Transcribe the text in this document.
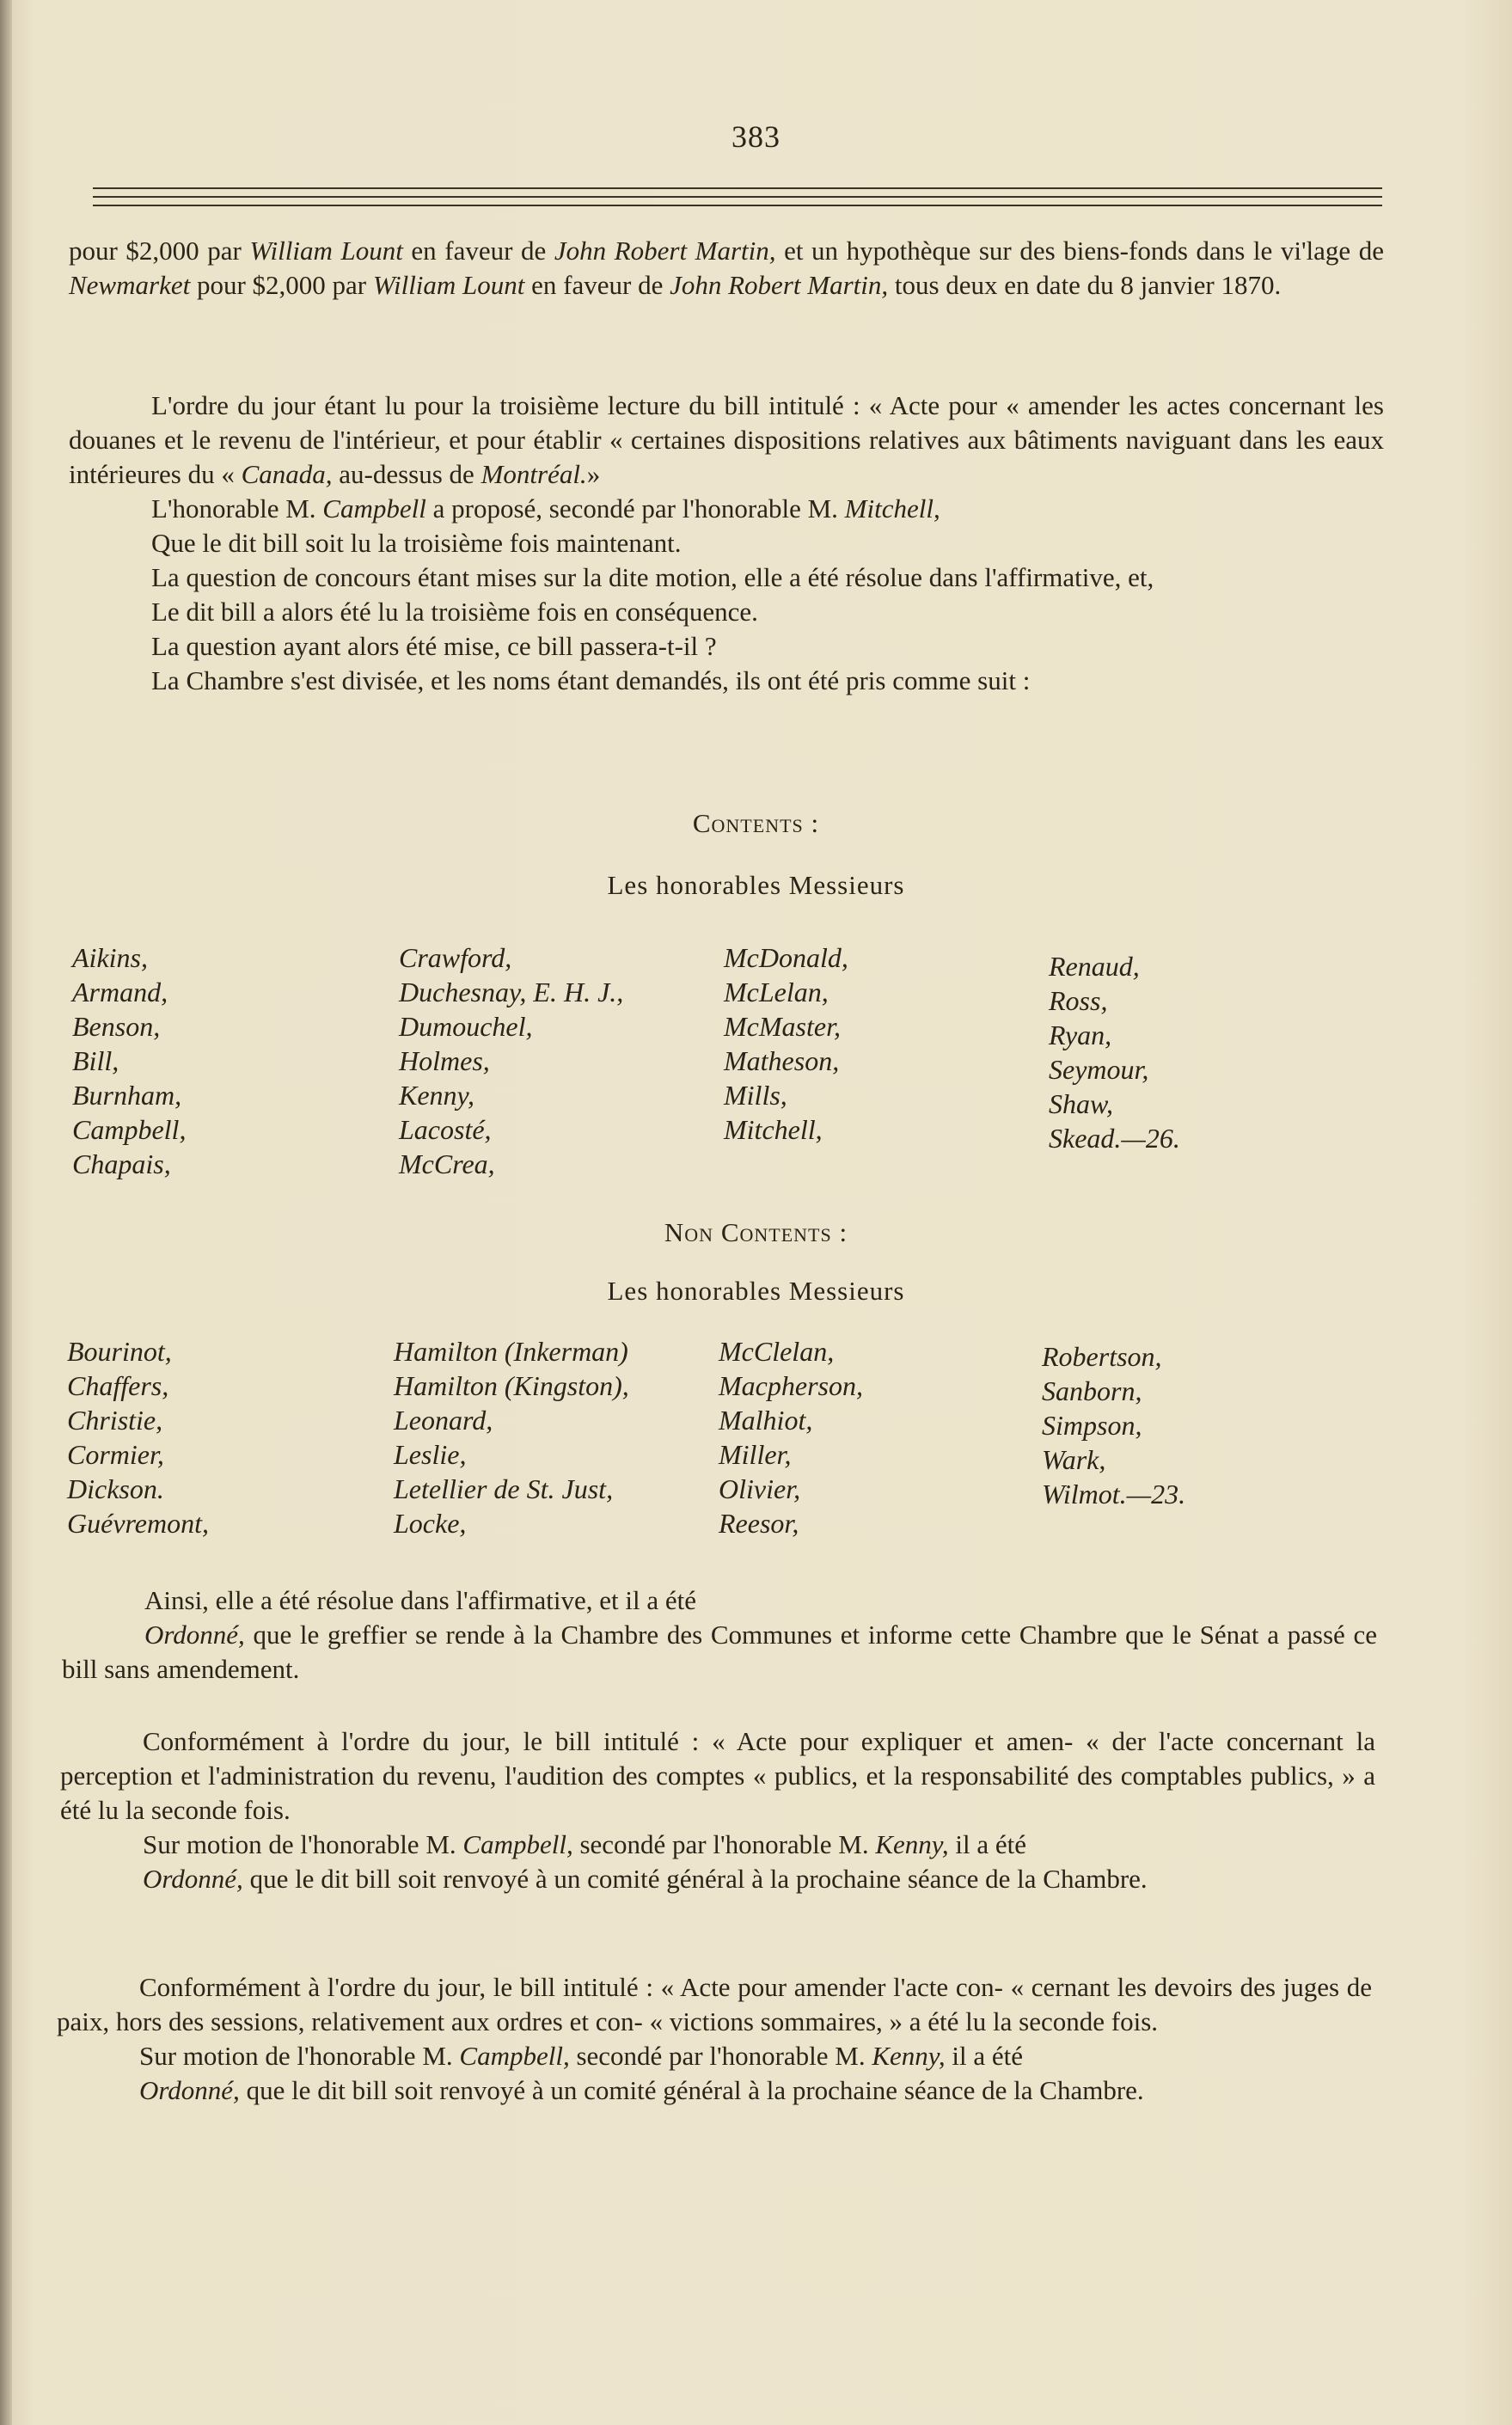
383

pour $2,000 par William Lount en faveur de John Robert Martin, et un hypothèque sur des biens-fonds dans le vi'lage de Newmarket pour $2,000 par William Lount en faveur de John Robert Martin, tous deux en date du 8 janvier 1870.

L'ordre du jour étant lu pour la troisième lecture du bill intitulé : « Acte pour « amender les actes concernant les douanes et le revenu de l'intérieur, et pour établir « certaines dispositions relatives aux bâtiments naviguant dans les eaux intérieures du « Canada, au-dessus de Montréal.»

L'honorable M. Campbell a proposé, secondé par l'honorable M. Mitchell,

Que le dit bill soit lu la troisième fois maintenant.

La question de concours étant mises sur la dite motion, elle a été résolue dans l'affirmative, et,

Le dit bill a alors été lu la troisième fois en conséquence.

La question ayant alors été mise, ce bill passera-t-il ?

La Chambre s'est divisée, et les noms étant demandés, ils ont été pris comme suit :

Contents :
Les honorables Messieurs
Aikins,
Armand,
Benson,
Bill,
Burnham,
Campbell,
Chapais,
Crawford,
Duchesnay, E. H. J.,
Dumouchel,
Holmes,
Kenny,
Lacosté,
McCrea,
McDonald,
McLelan,
McMaster,
Matheson,
Mills,
Mitchell,
Renaud,
Ross,
Ryan,
Seymour,
Shaw,
Skead.—26.
Non Contents :
Les honorables Messieurs
Bourinot,
Chaffers,
Christie,
Cormier,
Dickson.
Guévremont,
Hamilton (Inkerman)
Hamilton (Kingston),
Leonard,
Leslie,
Letellier de St. Just,
Locke,
McClelan,
Macpherson,
Malhiot,
Miller,
Olivier,
Reesor,
Robertson,
Sanborn,
Simpson,
Wark,
Wilmot.—23.

Ainsi, elle a été résolue dans l'affirmative, et il a été

Ordonné, que le greffier se rende à la Chambre des Communes et informe cette Chambre que le Sénat a passé ce bill sans amendement.

Conformément à l'ordre du jour, le bill intitulé : « Acte pour expliquer et amen- « der l'acte concernant la perception et l'administration du revenu, l'audition des comptes « publics, et la responsabilité des comptables publics, » a été lu la seconde fois.

Sur motion de l'honorable M. Campbell, secondé par l'honorable M. Kenny, il a été

Ordonné, que le dit bill soit renvoyé à un comité général à la prochaine séance de la Chambre.

Conformément à l'ordre du jour, le bill intitulé : « Acte pour amender l'acte con- « cernant les devoirs des juges de paix, hors des sessions, relativement aux ordres et con- « victions sommaires, » a été lu la seconde fois.

Sur motion de l'honorable M. Campbell, secondé par l'honorable M. Kenny, il a été

Ordonné, que le dit bill soit renvoyé à un comité général à la prochaine séance de la Chambre.
